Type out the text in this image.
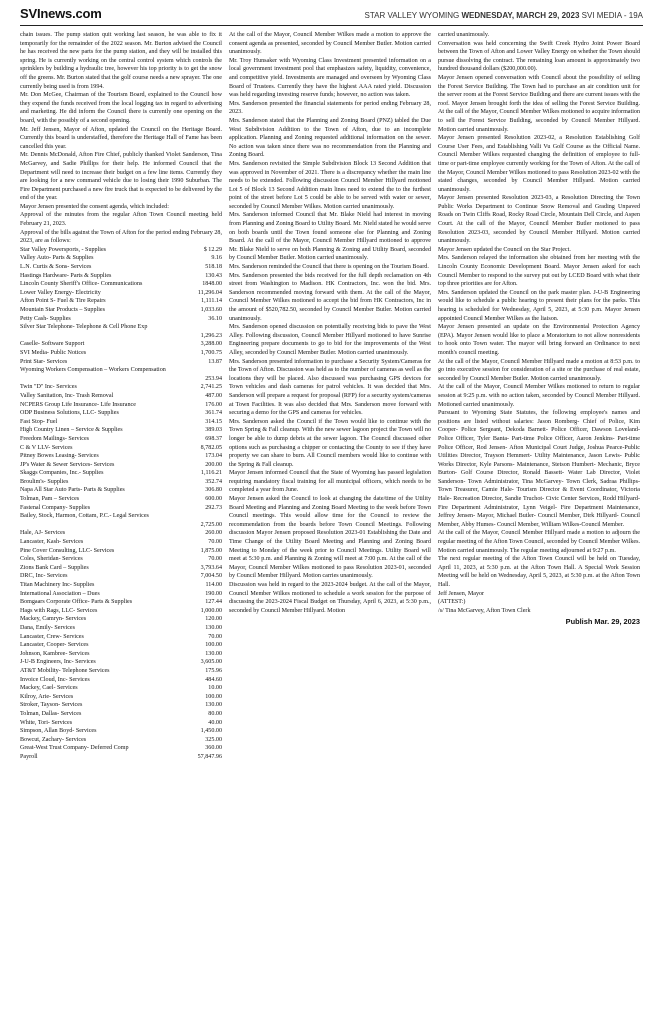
SVInews.com	STAR VALLEY WYOMING WEDNESDAY, MARCH 29, 2023 SVI MEDIA - 19A

chain issues. The pump station quit working last season, he was able to fix it temporarily for the remainder of the 2022 season. Mr. Burton advised the Council he has received the new parts for the pump station, and they will be installed this spring. He is currently working on the central control system which controls the sprinklers by building a hydraulic tree, however his top priority is to get the snow off the greens. Mr. Burton stated that the golf course needs a new sprayer. The one currently being used is from 1994.

Mr. Don McGee, Chairman of the Tourism Board, explained to the Council how they expend the funds received from the local logging tax in regard to advertising and marketing. He did inform the Council there is currently one opening on the board, with the possibly of a second opening.

Mr. Jeff Jensen, Mayor of Afton, updated the Council on the Heritage Board. Currently this board is understaffed, therefore the Heritage Hall of Fame has been cancelled this year.

Mr. Dennis McDonald, Afton Fire Chief, publicly thanked Violet Sanderson, Tina McGarvey, and Sadie Phillips for their help. He informed Council that the Department will need to increase their budget on a few line items. Currently they are looking for a new command vehicle due to losing their 1990 Suburban. The Fire Department purchased a new fire truck that is expected to be delivered by the end of the year.

Mayor Jensen presented the consent agenda, which included:

Approval of the minutes from the regular Afton Town Council meeting held February 21, 2023.

Approval of the bills against the Town of Afton for the period ending February 28, 2023, are as follows:

Star Valley Powersports, - Supplies	$ 12.29
Valley Auto- Parts & Supplies	9.16
L.N. Curtis & Sons- Services	518.18
Hastings Hardware- Parts & Supplies	130.43
Lincoln County Sheriff's Office- Communications	1848.00
Lower Valley Energy- Electricity	11,296.04
Afton Point S- Fuel & Tire Repairs	1,111.14
Mountain Star Products – Supplies	1,033.60
Petty Cash- Supplies	36.10
Silver Star Telephone- Telephone & Cell Phone Exp
1,296.23
Caselle- Software Support	3,288.00
SVI Media- Public Notices	1,700.75
Print Star- Services	13.87
Wyoming Workers Compensation – Workers Compensation
253.94
Twin "D" Inc- Services	2,741.25
Valley Sanitation, Inc- Trash Removal	487.00
NCPERS Group Life Insurance- Life Insurance	176.00
ODP Business Solutions, LLC- Supplies	361.74
Fast Stop- Fuel	314.15
High Country Linen – Service & Supplies	389.03
Freedom Mailings- Services	698.37
C & V LLV- Services	8,782.05
Pitney Bowes Leasing- Services	173.04
JP's Water & Sewer Services- Services	200.00
Skaggs Companies, Inc.- Supplies	1,116.21
Broulim's- Supplies	352.74
Napa All Star Auto Parts- Parts & Supplies	306.80
Tolman, Pam – Services	600.00
Fastenal Company- Supplies	292.73
Bailey, Stock, Harmon, Cottam, P.C.- Legal Services
2,725.00
Hale, AJ- Services	260.00
Lancaster, Kash- Services	70.00
Pine Cover Consulting, LLC- Services	1,875.00
Coles, Sheridan- Services	70.00
Zions Bank Card – Supplies	3,793.64
DRC, Inc- Services	7,004.50
Titan Machinery Inc- Supplies	114.00
International Association – Dues	190.00
Bomgaars Corporate Office- Parts & Supplies	127.44
Hags with Rags, LLC- Services	1,000.00
Mackey, Camryn- Services	120.00
Dana, Emily- Services	130.00
Lancaster, Crew- Services	70.00
Lancaster, Cooper- Services	100.00
Johnson, Kambree- Services	130.00
J-U-B Engineers, Inc- Services	3,605.00
AT&T Mobility- Telephone Services	175.96
Invoice Cloud, Inc- Services	484.60
Mackey, Cael- Services	10.00
Kilroy, Arie- Services	100.00
Stroker, Tayson- Services	130.00
Tolman, Dallas- Services	80.00
White, Tori- Services	40.00
Simpson, Allan Boyd- Services	1,450.00
Bowcut, Zachary- Services	325.00
Great-West Trust Company- Deferred Comp	360.00
Payroll	57,847.96

At the call of the Mayor, Council Member Wilkes made a motion to approve the consent agenda as presented, seconded by Council Member Butler. Motion carried unanimously.

Mr. Troy Hunsaker with Wyoming Class Investment presented information on a local government investment pool that emphasizes safety, liquidity, convenience, and competitive yield. Investments are managed and overseen by Wyoming Class Board of Trustees. Currently they have the highest AAA rated yield. Discussion was held regarding investing reserve funds; however, no action was taken.

Mrs. Sanderson presented the financial statements for period ending February 28, 2023.

Mrs. Sanderson stated that the Planning and Zoning Board (PNZ) tabled the Due West Subdivision Addition to the Town of Afton, due to an incomplete application. Planning and Zoning requested additional information on the sewer. No action was taken since there was no recommendation from the Planning and Zoning Board.

Mrs. Sanderson revisited the Simple Subdivision Block 13 Second Addition that was approved in November of 2021. There is a discrepancy whether the main line needs to be extended. Following discussion Council Member Hillyard motioned Lot 5 of Block 13 Second Addition main lines need to extend the to the furthest point of the street before Lot 5 could be able to be served with water or sewer, seconded by Council Member Wilkes. Motion carried unanimously.

Mrs. Sanderson informed Council that Mr. Blake Nield had interest in moving from Planning and Zoning Board to Utility Board. Mr. Nield stated he would serve on both boards until the Town found someone else for Planning and Zoning Board. At the call of the Mayor, Council Member Hillyard motioned to approve Mr. Blake Nield to serve on both Planning & Zoning and Utility Board, seconded by Council Member Butler. Motion carried unanimously.

Mrs. Sanderson reminded the Council that there is opening on the Tourism Board.

Mrs. Sanderson presented the bids received for the full depth reclamation on 4th street from Washington to Madison. HK Contractors, Inc. won the bid. Mrs. Sanderson recommended moving forward with them. At the call of the Mayor, Council Member Wilkes motioned to accept the bid from HK Contractors, Inc in the amount of $520,782.50, seconded by Council Member Butler. Motion carried unanimously.

Mrs. Sanderson opened discussion on potentially receiving bids to pave the West Alley. Following discussion, Council Member Hillyard motioned to have Sunrise Engineering prepare documents to go to bid for the improvements of the West Alley, seconded by Council Member Butler. Motion carried unanimously.

Mrs. Sanderson presented information to purchase a Security System/Cameras for the Town of Afton. Discussion was held as to the number of cameras as well as the locations they will be placed. Also discussed was purchasing GPS devices for Town vehicles and dash cameras for patrol vehicles. It was decided that Mrs. Sanderson will prepare a request for proposal (RFP) for a security system/cameras at Town Facilities. It was also decided that Mrs. Sanderson move forward with securing a demo for the GPS and cameras for vehicles.

Mrs. Sanderson asked the Council if the Town would like to continue with the Town Spring & Fall cleanup. With the new sewer lagoon project the Town will no longer be able to dump debris at the sewer lagoon. The Council discussed other options such as purchasing a chipper or contacting the County to see if they have property we can share to burn. All Council members would like to continue with the Spring & Fall cleanup.

Mayor Jensen informed Council that the State of Wyoming has passed legislation requiring mandatory fiscal training for all municipal officers, which needs to be completed a year from June.

Mayor Jensen asked the Council to look at changing the date/time of the Utility Board Meeting and Planning and Zoning Board Meeting to the week before Town Council meetings. This would allow time for the Council to review the recommendation from the boards before Town Council Meetings. Following discussion Mayor Jensen proposed Resolution 2023-01 Establishing the Date and Time Change of the Utility Board Meeting and Planning and Zoning Board Meeting to Monday of the week prior to Council Meetings. Utility Board will meet at 5:30 p.m. and Planning & Zoning will meet at 7:00 p.m. At the call of the Mayor, Council Member Wilkes motioned to pass Resolution 2023-01, seconded by Council Member Hillyard. Motion carries unanimously.

Discussion was held in regard to the 2023-2024 budget. At the call of the Mayor, Council Member Wilkes motioned to schedule a work session for the purpose of discussing the 2023-2024 Fiscal Budget on Thursday, April 6, 2023, at 5:30 p.m., seconded by Council Member Hillyard. Motion

carried unanimously.

Conversation was held concerning the Swift Creek Hydro Joint Power Board between the Town of Afton and Lower Valley Energy on whether the Town should pursue dissolving the contract. The remaining loan amount is approximately two hundred thousand dollars ($200,000.00).

Mayor Jensen opened conversation with Council about the possibility of selling the Forest Service Building. The Town had to purchase an air condition unit for the server room at the Forest Service Building and there are current issues with the roof. Mayor Jensen brought forth the idea of selling the Forest Service Building. At the call of the Mayor, Council Member Wilkes motioned to acquire information to sell the Forest Service Building, seconded by Council Member Hillyard. Motion carried unanimously.

Mayor Jensen presented Resolution 2023-02, a Resolution Establishing Golf Course User Fees, and Establishing Valli Vu Golf Course as the Official Name. Council Member Wilkes requested changing the definition of employee to full-time or part-time employee currently working for the Town of Afton. At the call of the Mayor, Council Member Wilkes motioned to pass Resolution 2023-02 with the stated changes, seconded by Council Member Hillyard. Motion carried unanimously.

Mayor Jensen presented Resolution 2023-03, a Resolution Directing the Town Public Works Department to Continue Snow Removal and Grading Unpaved Roads on Twin Cliffs Road, Rocky Road Circle, Mountain Dell Circle, and Aspen Court. At the call of the Mayor, Council Member Butler motioned to pass Resolution 2023-03, seconded by Council Member Hillyard. Motion carried unanimously.

Mayor Jensen updated the Council on the Star Project.

Mrs. Sanderson relayed the information she obtained from her meeting with the Lincoln County Economic Development Board. Mayor Jensen asked for each Council Member to respond to the survey put out by LCED Board with what their top three priorities are for Afton.

Mrs. Sanderson updated the Council on the park master plan. J-U-B Engineering would like to schedule a public hearing to present their plans for the parks. This hearing is scheduled for Wednesday, April 5, 2023, at 5:30 p.m. Mayor Jensen appointed Council Member Wilkes as the liaison.

Mayor Jensen presented an update on the Environmental Protection Agency (EPA). Mayor Jensen would like to place a Moratorium to not allow nonresidents to hook onto Town water. The mayor will bring forward an Ordinance to next month's council meeting.

At the call of the Mayor, Council Member Hillyard made a motion at 8:53 p.m. to go into executive session for consideration of a site or the purchase of real estate, seconded by Council Member Butler. Motion carried unanimously.

At the call of the Mayor, Council Member Wilkes motioned to return to regular session at 9:25 p.m. with no action taken, seconded by Council Member Hillyard. Motioned carried unanimously.

Pursuant to Wyoming State Statutes, the following employee's names and positions are listed without salaries: Jason Romberg- Chief of Police, Kim Cooper- Police Sergeant, Dekoda Barnett- Police Officer, Dawson Loveland- Police Officer, Tyler Banta- Part-time Police Officer, Aaron Jenkins- Part-time Police Officer, Rod Jensen- Afton Municipal Court Judge, Joshua Pearce-Public Utilities Director, Trayson Hemmert- Utility Maintenance, Jason Lewis- Public Works Director, Kyle Parsons- Maintenance, Stetson Humbert- Mechanic, Bryce Burton- Golf Course Director, Ronald Bassett- Water Lab Director, Violet Sanderson- Town Administrator, Tina McGarvey- Town Clerk, Sadraa Phillips- Town Treasurer, Camie Hale- Tourism Director & Event Coordinator, Victoria Hale- Recreation Director, Sandie Truchot- Civic Center Services, Rodd Hillyard- Fire Department Administrator, Lynn Veigel- Fire Department Maintenance, Jeffrey Jensen- Mayor, Michael Butler- Council Member, Dirk Hillyard- Council Member, Abby Humes- Council Member, William Wilkes-Council Member.

At the call of the Mayor, Council Member Hillyard made a motion to adjourn the regular meeting of the Afton Town Council, seconded by Council Member Wilkes. Motion carried unanimously. The regular meeting adjourned at 9:27 p.m.

The next regular meeting of the Afton Town Council will be held on Tuesday, April 11, 2023, at 5:30 p.m. at the Afton Town Hall. A Special Work Session Meeting will be held on Wednesday, April 5, 2023, at 5:30 p.m. at the Afton Town Hall.

Jeff Jensen, Mayor

(ATTEST:)

/s/ Tina McGarvey, Afton Town Clerk

Publish Mar. 29, 2023
